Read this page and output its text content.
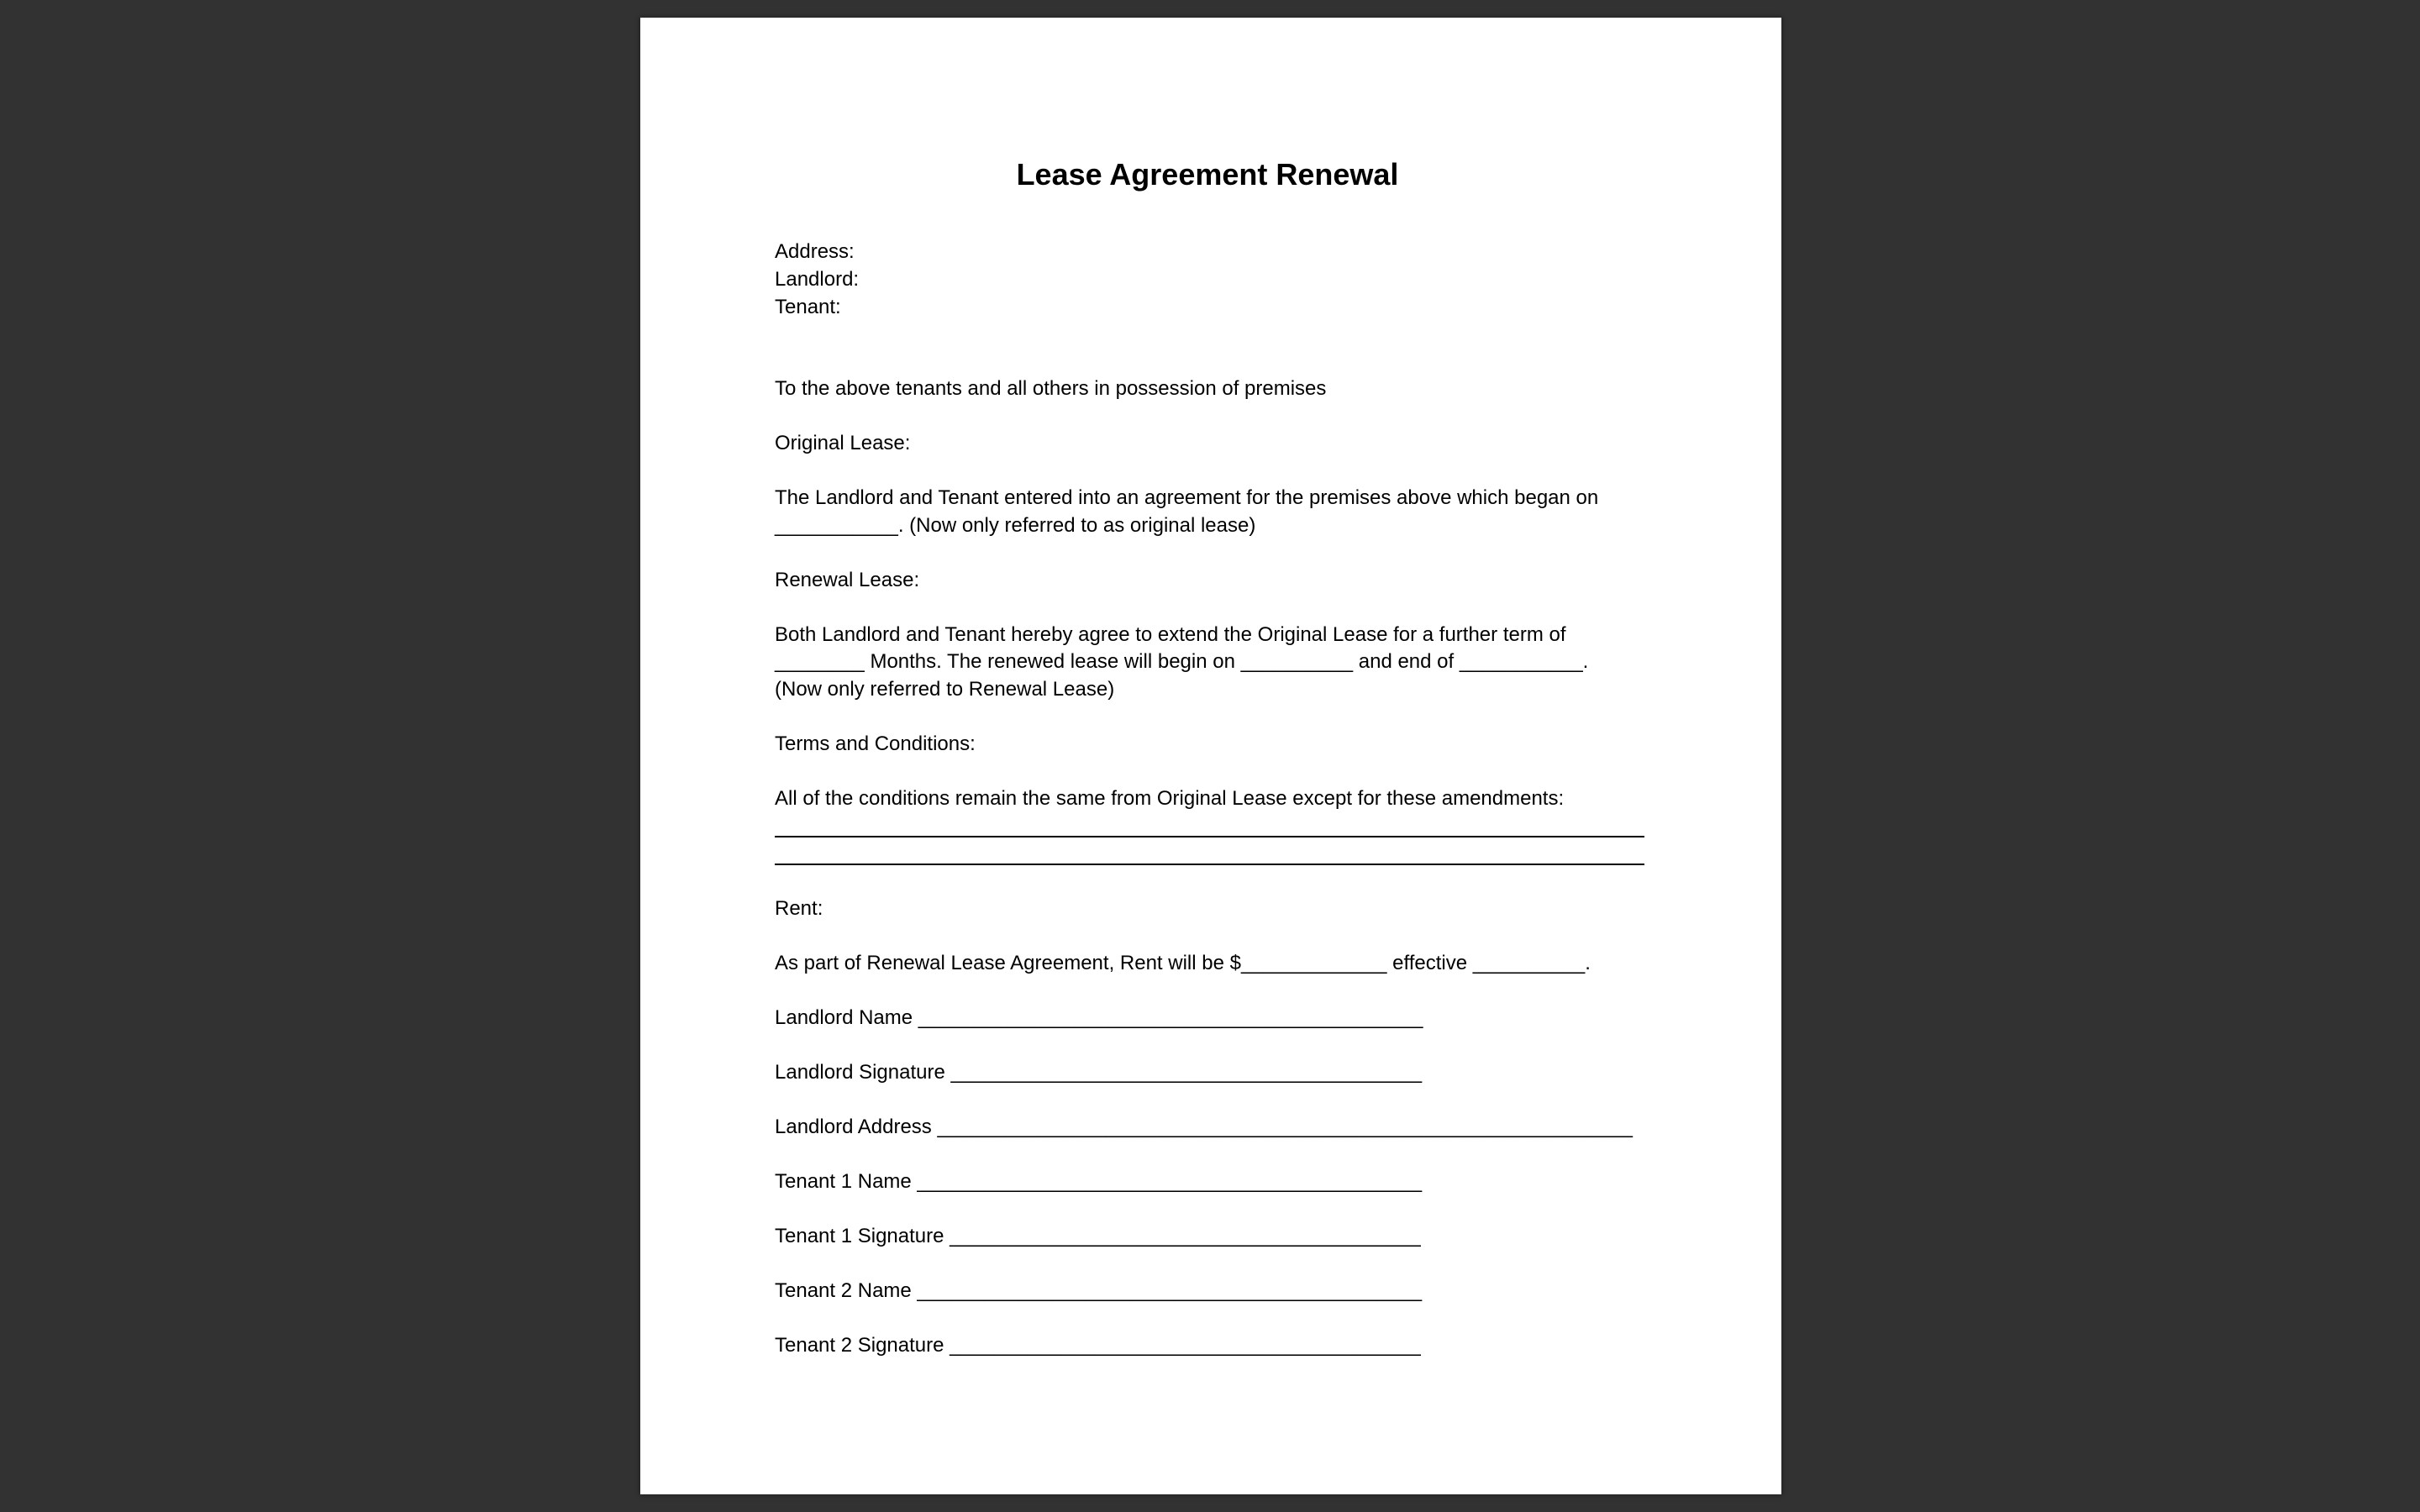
Lease Agreement Renewal
Address:
Landlord:
Tenant:
To the above tenants and all others in possession of premises
Original Lease:
The Landlord and Tenant entered into an agreement for the premises above which began on
___________. (Now only referred to as original lease)
Renewal Lease:
Both Landlord and Tenant hereby agree to extend the Original Lease for a further term of
________ Months. The renewed lease will begin on __________ and end of ___________.
(Now only referred to Renewal Lease)
Terms and Conditions:
All of the conditions remain the same from Original Lease except for these amendments:
Rent:
As part of Renewal Lease Agreement, Rent will be $_____________ effective __________.
Landlord Name _____________________________________________
Landlord Signature __________________________________________
Landlord Address ______________________________________________________________
Tenant 1 Name _____________________________________________
Tenant 1 Signature __________________________________________
Tenant 2 Name _____________________________________________
Tenant 2 Signature __________________________________________
